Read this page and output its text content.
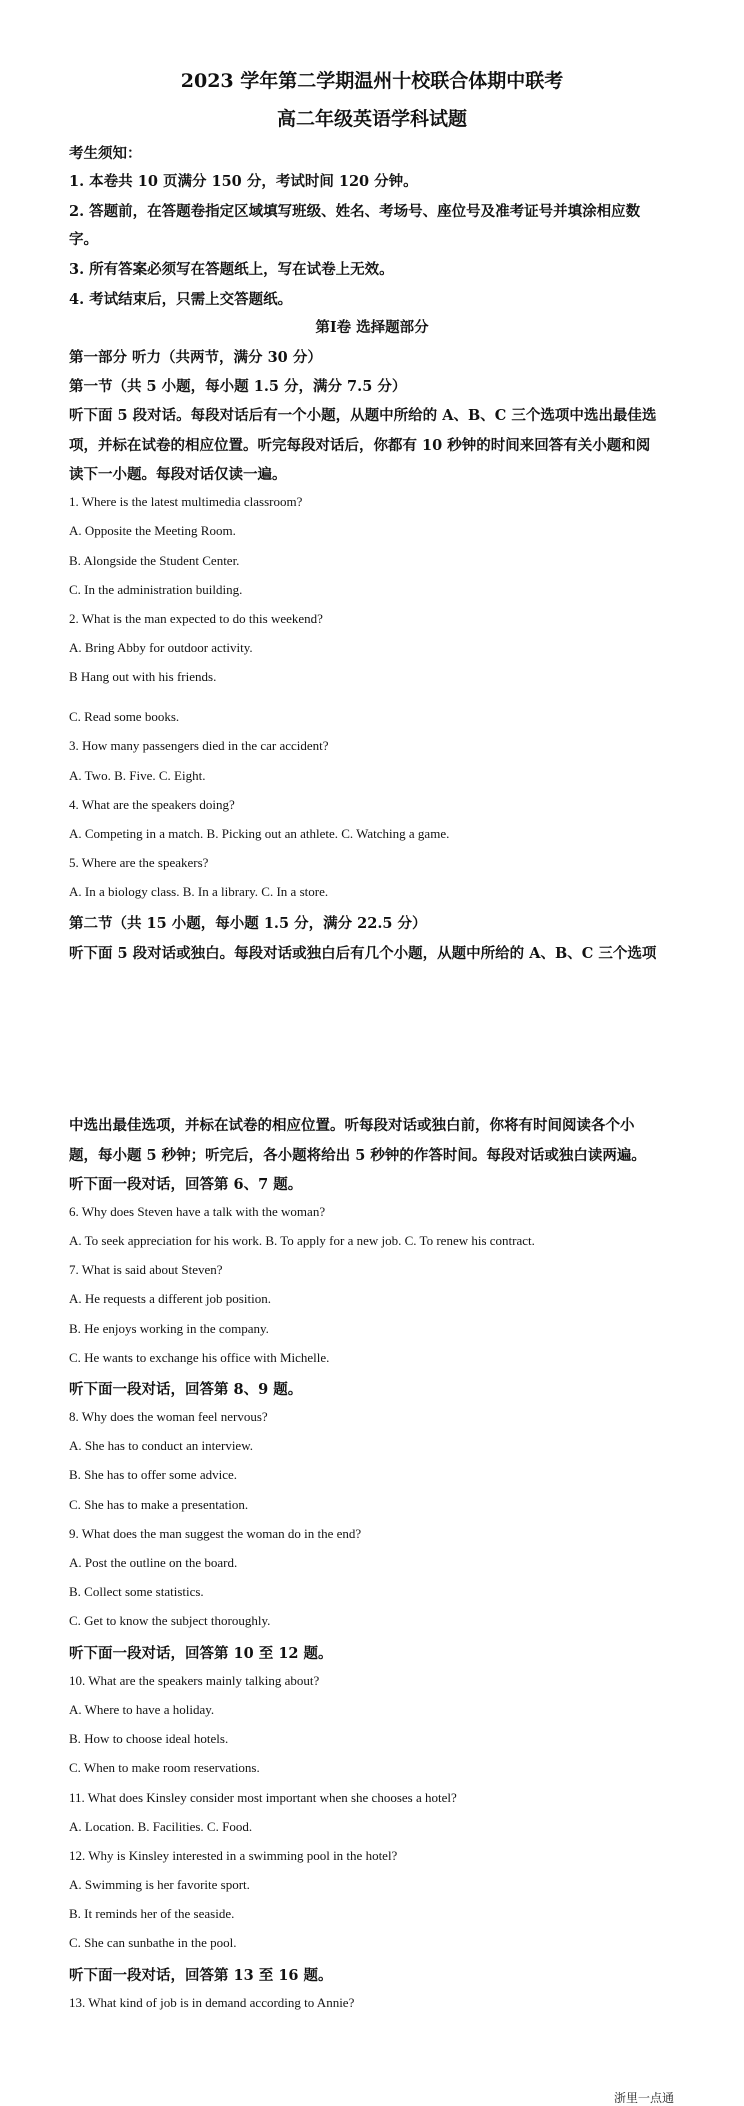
2023 学年第二学期温州十校联合体期中联考
高二年级英语学科试题
考生须知：
1. 本卷共 10 页满分 150 分，考试时间 120 分钟。
2. 答题前，在答题卷指定区域填写班级、姓名、考场号、座位号及准考证号并填涂相应数
字。
3. 所有答案必须写在答题纸上，写在试卷上无效。
4. 考试结束后，只需上交答题纸。
第Ⅰ卷 选择题部分
第一部分 听力（共两节，满分 30 分）
第一节（共 5 小题，每小题 1.5 分，满分 7.5 分）
听下面 5 段对话。每段对话后有一个小题，从题中所给的 A、B、C 三个选项中选出最佳选
项，并标在试卷的相应位置。听完每段对话后，你都有 10 秒钟的时间来回答有关小题和阅
读下一小题。每段对话仅读一遍。
1. Where is the latest multimedia classroom?
A. Opposite the Meeting Room.
B. Alongside the Student Center.
C. In the administration building.
2. What is the man expected to do this weekend?
A. Bring Abby for outdoor activity.
B Hang out with his friends.
C. Read some books.
3. How many passengers died in the car accident?
A. Two. B. Five. C. Eight.
4. What are the speakers doing?
A. Competing in a match. B. Picking out an athlete. C. Watching a game.
5. Where are the speakers?
A. In a biology class. B. In a library. C. In a store.
第二节（共 15 小题，每小题 1.5 分，满分 22.5 分）
听下面 5 段对话或独白。每段对话或独白后有几个小题，从题中所给的 A、B、C 三个选项
中选出最佳选项，并标在试卷的相应位置。听每段对话或独白前，你将有时间阅读各个小
题，每小题 5 秒钟；听完后，各小题将给出 5 秒钟的作答时间。每段对话或独白读两遍。
听下面一段对话，回答第 6、7 题。
6. Why does Steven have a talk with the woman?
A. To seek appreciation for his work. B. To apply for a new job. C. To renew his contract.
7. What is said about Steven?
A. He requests a different job position.
B. He enjoys working in the company.
C. He wants to exchange his office with Michelle.
听下面一段对话，回答第 8、9 题。
8. Why does the woman feel nervous?
A. She has to conduct an interview.
B. She has to offer some advice.
C. She has to make a presentation.
9. What does the man suggest the woman do in the end?
A. Post the outline on the board.
B. Collect some statistics.
C. Get to know the subject thoroughly.
听下面一段对话，回答第 10 至 12 题。
10. What are the speakers mainly talking about?
A. Where to have a holiday.
B. How to choose ideal hotels.
C. When to make room reservations.
11. What does Kinsley consider most important when she chooses a hotel?
A. Location. B. Facilities. C. Food.
12. Why is Kinsley interested in a swimming pool in the hotel?
A. Swimming is her favorite sport.
B. It reminds her of the seaside.
C. She can sunbathe in the pool.
听下面一段对话，回答第 13 至 16 题。
13. What kind of job is in demand according to Annie?
浙里一点通
